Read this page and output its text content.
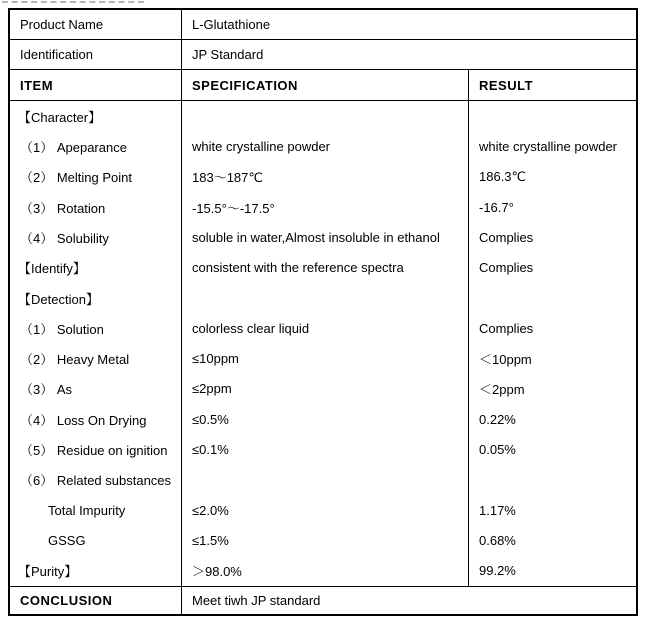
Product Name	L-Glutathione
Identification	JP Standard
ITEM	SPECIFICATION	RESULT
【Character】
（1） Apeparance	white crystalline powder	white crystalline powder
（2） Melting Point	183～187℃	186.3℃
（3） Rotation	-15.5°～-17.5°	-16.7°
（4） Solubility	soluble in water,Almost insoluble in ethanol	Complies
【Identify】	consistent with the reference spectra	Complies
【Detection】
（1） Solution	colorless clear liquid	Complies
（2） Heavy Metal	≤10ppm	＜10ppm
（3） As	≤2ppm	＜2ppm
（4） Loss On Drying	≤0.5%	0.22%
（5） Residue on ignition	≤0.1%	0.05%
（6） Related substances
Total Impurity	≤2.0%	1.17%
GSSG	≤1.5%	0.68%
【Purity】	＞98.0%	99.2%
CONCLUSION	Meet tiwh JP standard
